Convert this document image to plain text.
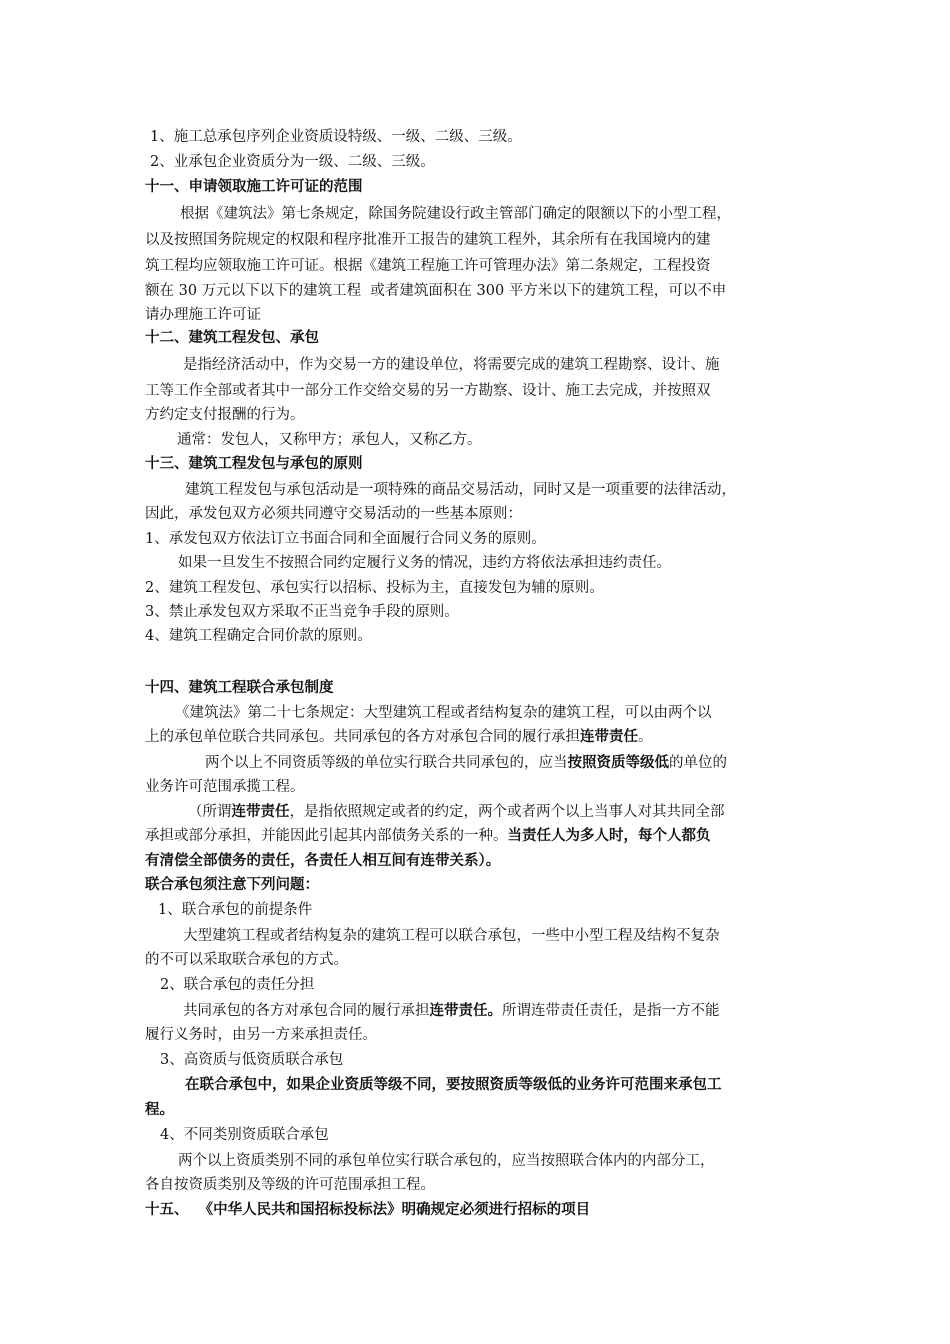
1、施工总承包序列企业资质设特级、一级、二级、三级。
2、业承包企业资质分为一级、二级、三级。
十一、申请领取施工许可证的范围
根据《建筑法》第七条规定，除国务院建设行政主管部门确定的限额以下的小型工程，
以及按照国务院规定的权限和程序批准开工报告的建筑工程外，其余所有在我国境内的建
筑工程均应领取施工许可证。根据《建筑工程施工许可管理办法》第二条规定，工程投资
额在 30 万元以下以下的建筑工程  或者建筑面积在 300 平方米以下的建筑工程，可以不申
请办理施工许可证
十二、建筑工程发包、承包
是指经济活动中，作为交易一方的建设单位，将需要完成的建筑工程勘察、设计、施
工等工作全部或者其中一部分工作交给交易的另一方勘察、设计、施工去完成，并按照双
方约定支付报酬的行为。
通常：发包人，又称甲方；承包人，又称乙方。
十三、建筑工程发包与承包的原则
建筑工程发包与承包活动是一项特殊的商品交易活动，同时又是一项重要的法律活动，
因此，承发包双方必须共同遵守交易活动的一些基本原则：
1、承发包双方依法订立书面合同和全面履行合同义务的原则。
如果一旦发生不按照合同约定履行义务的情况，违约方将依法承担违约责任。
2、建筑工程发包、承包实行以招标、投标为主，直接发包为辅的原则。
3、禁止承发包双方采取不正当竞争手段的原则。
4、建筑工程确定合同价款的原则。
十四、建筑工程联合承包制度
《建筑法》第二十七条规定：大型建筑工程或者结构复杂的建筑工程，可以由两个以
上的承包单位联合共同承包。共同承包的各方对承包合同的履行承担连带责任。
两个以上不同资质等级的单位实行联合共同承包的，应当按照资质等级低的单位的
业务许可范围承揽工程。
（所谓连带责任，是指依照规定或者的约定，两个或者两个以上当事人对其共同全部
承担或部分承担，并能因此引起其内部债务关系的一种。当责任人为多人时，每个人都负
有清偿全部债务的责任，各责任人相互间有连带关系）。
联合承包须注意下列问题：
1、联合承包的前提条件
大型建筑工程或者结构复杂的建筑工程可以联合承包，一些中小型工程及结构不复杂
的不可以采取联合承包的方式。
2、联合承包的责任分担
共同承包的各方对承包合同的履行承担连带责任。所谓连带责任责任，是指一方不能
履行义务时，由另一方来承担责任。
3、高资质与低资质联合承包
在联合承包中，如果企业资质等级不同，要按照资质等级低的业务许可范围来承包工
程。
4、不同类别资质联合承包
两个以上资质类别不同的承包单位实行联合承包的，应当按照联合体内的内部分工，
各自按资质类别及等级的许可范围承担工程。
十五、  《中华人民共和国招标投标法》明确规定必须进行招标的项目
